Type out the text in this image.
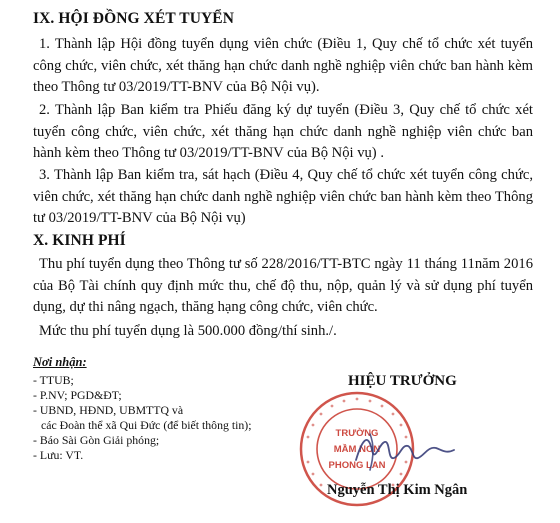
IX. HỘI ĐỒNG XÉT TUYỂN
1. Thành lập Hội đồng tuyển dụng viên chức (Điều 1, Quy chế tổ chức xét tuyển công chức, viên chức, xét thăng hạn chức danh nghề nghiệp viên chức ban hành kèm theo Thông tư 03/2019/TT-BNV của Bộ Nội vụ).
2. Thành lập Ban kiểm tra Phiếu đăng ký dự tuyển (Điều 3, Quy chế tổ chức xét tuyển công chức, viên chức, xét thăng hạn chức danh nghề nghiệp viên chức ban hành kèm theo Thông tư 03/2019/TT-BNV của Bộ Nội vụ) .
3. Thành lập Ban kiểm tra, sát hạch (Điều 4, Quy chế tổ chức xét tuyển công chức, viên chức, xét thăng hạn chức danh nghề nghiệp viên chức ban hành kèm theo Thông tư 03/2019/TT-BNV của Bộ Nội vụ)
X. KINH PHÍ
Thu phí tuyển dụng theo Thông tư số 228/2016/TT-BTC ngày 11 tháng 11năm 2016 của Bộ Tài chính quy định mức thu, chế độ thu, nộp, quản lý và sử dụng phí tuyển dụng, dự thi nâng ngạch, thăng hạng công chức, viên chức.
Mức thu phí tuyển dụng là 500.000 đồng/thí sinh./.
Nơi nhận:
- TTUB;
- P.NV; PGD&ĐT;
- UBND, HĐND, UBMTTQ và
các Đoàn thể xã Qui Đức (để biết thông tin);
- Báo Sài Gòn Giải phóng;
- Lưu: VT.
HIỆU TRƯỞNG
TRƯỜNG
MẦM NON
PHONG LAN
Nguyễn Thị Kim Ngân
